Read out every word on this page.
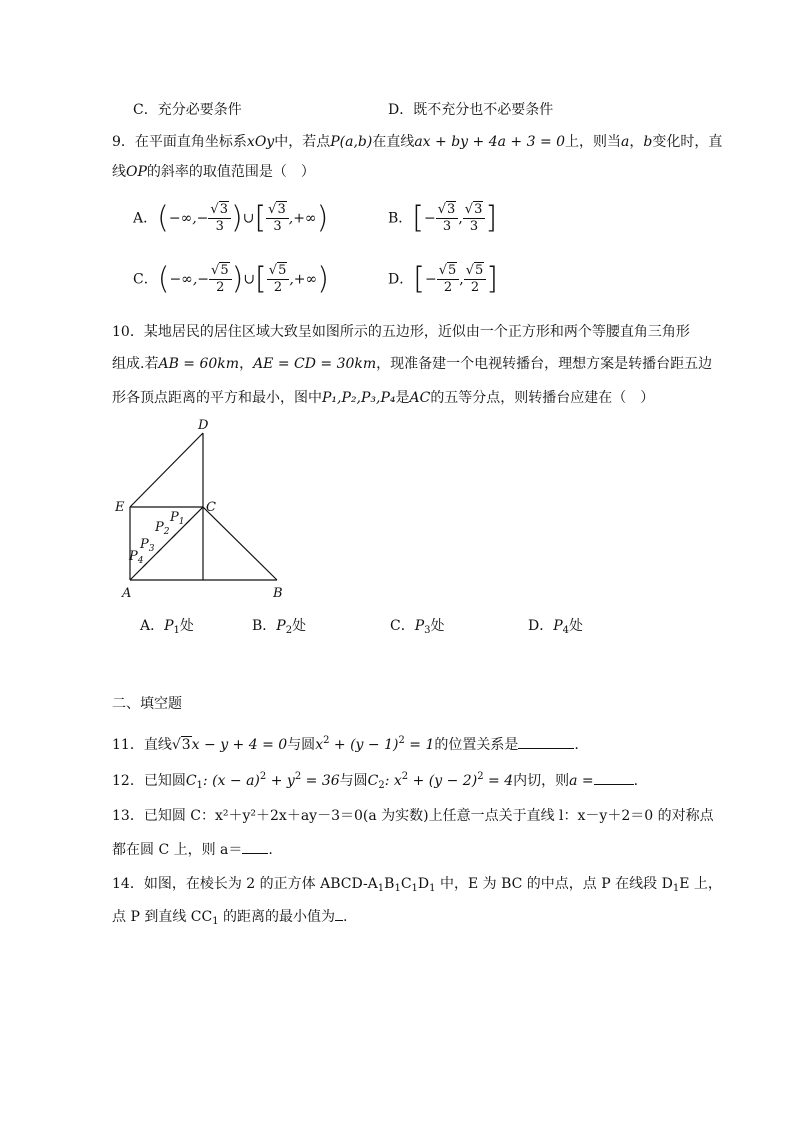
C．充分必要条件	D．既不充分也不必要条件
9．在平面直角坐标系xOy中，若点P(a,b)在直线ax + by + 4a + 3 = 0上，则当a，b变化时，直
线OP的斜率的取值范围是（　）
A．(−∞,− $\frac{√3}{3}$ )∪[ $\frac{√3}{3}$ ,+∞)	B．[− $\frac{√3}{3}$ , $\frac{√3}{3}$ ]
C．(−∞,− $\frac{√5}{2}$ )∪[ $\frac{√5}{2}$ ,+∞)	D．[− $\frac{√5}{2}$ , $\frac{√5}{2}$ ]
10．某地居民的居住区域大致呈如图所示的五边形，近似由一个正方形和两个等腰直角三角形
组成.若AB = 60km，AE = CD = 30km，现准备建一个电视转播台，理想方案是转播台距五边
形各顶点距离的平方和最小，图中P₁,P₂,P₃,P₄是AC的五等分点，则转播台应建在（　）
D
E	C
A	B
$P_1$
$P_2$
$P_3$
$P_4$
A．$P_1$处	B．$P_2$处	C．$P_3$处	D．$P_4$处
二、填空题
11．直线√3x − y + 4 = 0与圆$x^2 + (y - 1)^2 = 1$的位置关系是	.
12．已知圆$C_1$: $(x - a)^2 + y^2 = 36$与圆$C_2$: $x^2 + (y - 2)^2 = 4$内切，则a =	.
13．已知圆 C：x²＋y²＋2x＋ay－3＝0(a 为实数)上任意一点关于直线 l：x－y＋2＝0 的对称点
都在圆 C 上，则 a＝ .
14．如图，在棱长为 2 的正方体 ABCD-$A_1B_1C_1D_1$ 中，E 为 BC 的中点，点 P 在线段 $D_1E$ 上，
点 P 到直线 $CC_1$ 的距离的最小值为 .
